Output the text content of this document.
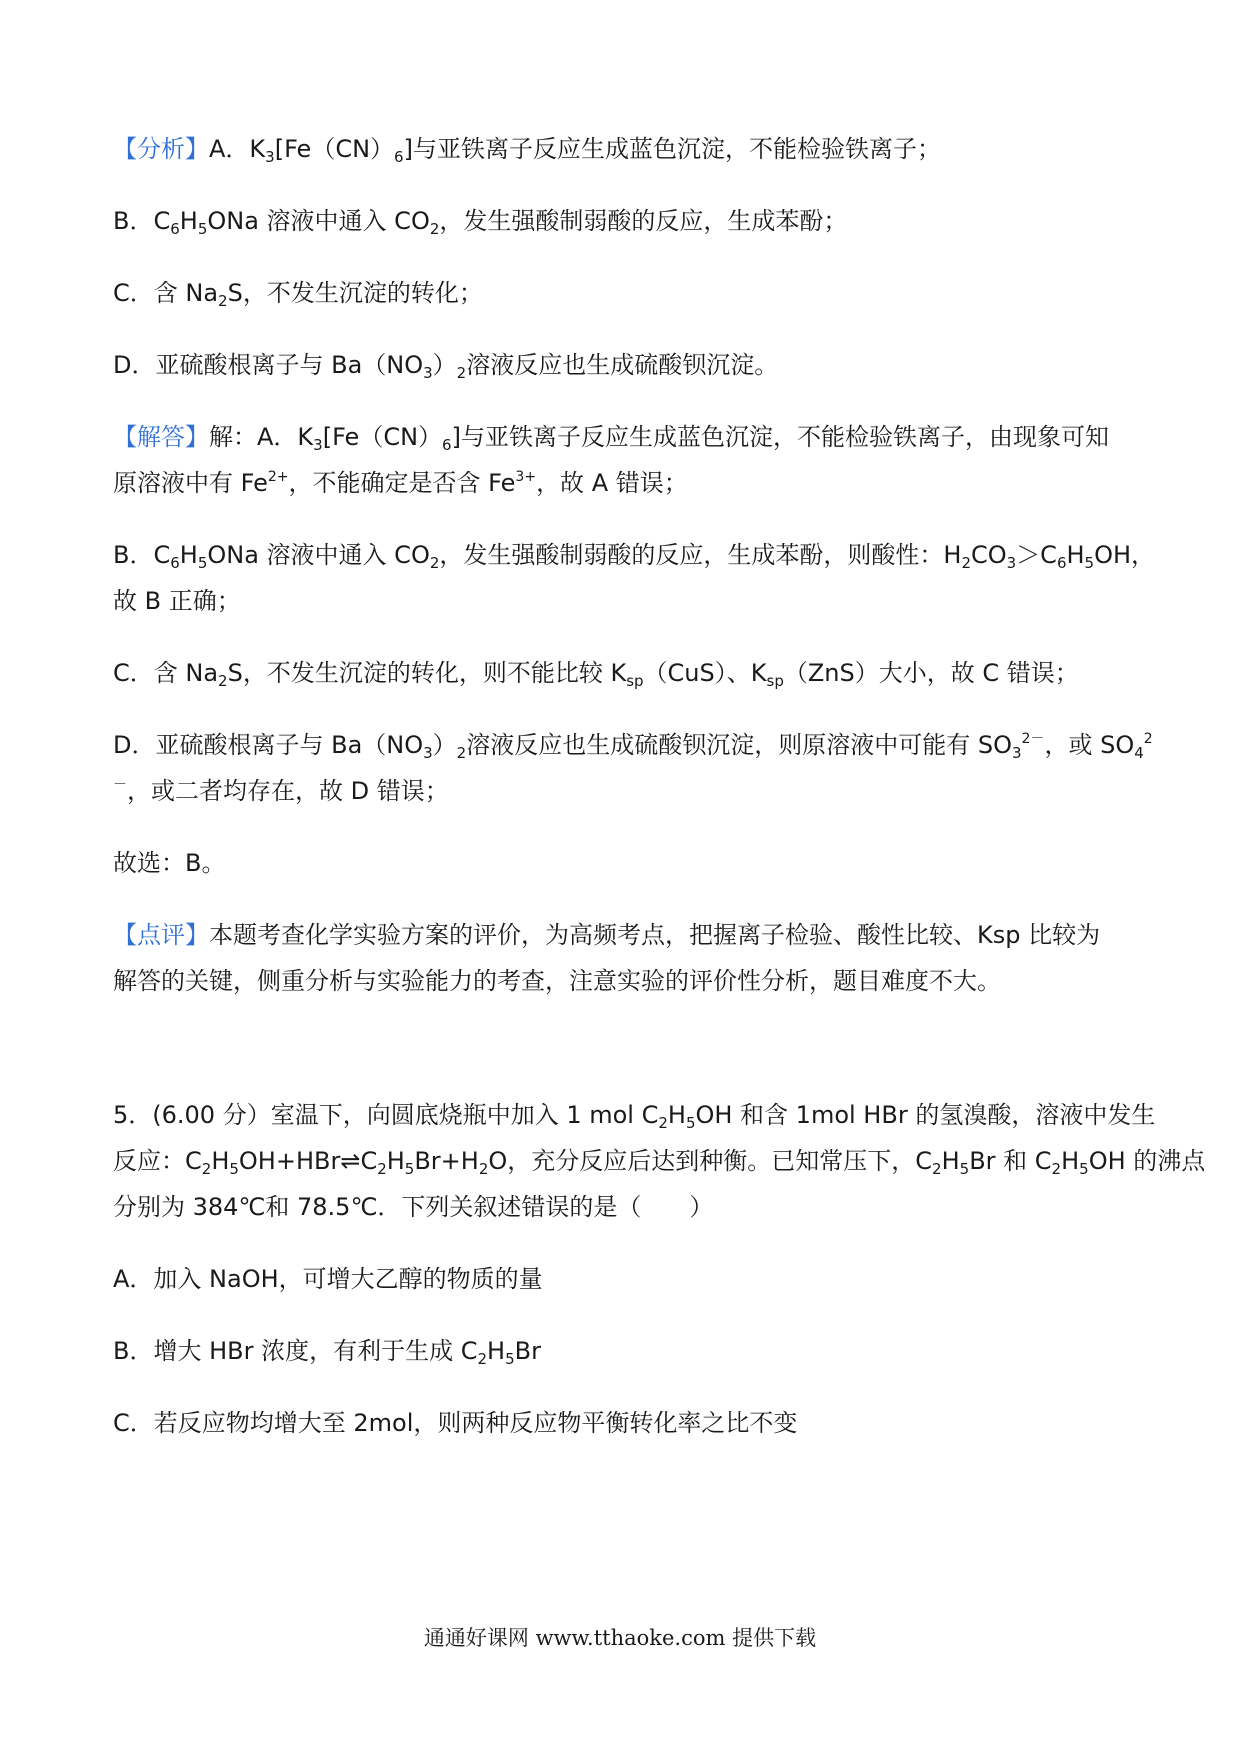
【分析】A．$K_3[Fe(CN)_6]$与亚铁离子反应生成蓝色沉淀，不能检验铁离子；

B．$C_6H_5ONa$ 溶液中通入 $CO_2$，发生强酸制弱酸的反应，生成苯酚；

C．含 $Na_2S$，不发生沉淀的转化；

D．亚硫酸根离子与 $Ba(NO_3)_2$溶液反应也生成硫酸钡沉淀。

【解答】解：A．$K_3[Fe(CN)_6]$与亚铁离子反应生成蓝色沉淀，不能检验铁离子，由现象可知

原溶液中有 $Fe^{2+}$，不能确定是否含 $Fe^{3+}$，故 A 错误；

B．$C_6H_5ONa$ 溶液中通入 $CO_2$，发生强酸制弱酸的反应，生成苯酚，则酸性：$H_2CO_3>C_6H_5OH$，

故 B 正确；

C．含 $Na_2S$，不发生沉淀的转化，则不能比较 $K_{sp}(CuS)$、$K_{sp}(ZnS)$大小，故 C 错误；

D．亚硫酸根离子与 $Ba(NO_3)_2$溶液反应也生成硫酸钡沉淀，则原溶液中可能有 $SO_3^{2-}$，或 $SO_4^2$

－，或二者均存在，故 D 错误；

故选：B。

【点评】本题考查化学实验方案的评价，为高频考点，把握离子检验、酸性比较、Ksp 比较为

解答的关键，侧重分析与实验能力的考查，注意实验的评价性分析，题目难度不大。

5．(6.00 分）室温下，向圆底烧瓶中加入 1 mol $C_2H_5OH$ 和含 1mol HBr 的氢溴酸，溶液中发生

反应：$C_2H_5OH+HBr\rightleftharpoons C_2H_5Br+H_2O$，充分反应后达到种衡。已知常压下，$C_2H_5Br$ 和 $C_2H_5OH$ 的沸点

分别为 384℃和 78.5℃．下列关叙述错误的是（　　）

A．加入 NaOH，可增大乙醇的物质的量

B．增大 HBr 浓度，有利于生成 $C_2H_5Br$

C．若反应物均增大至 2mol，则两种反应物平衡转化率之比不变

通通好课网 www.tthaoke.com 提供下载
